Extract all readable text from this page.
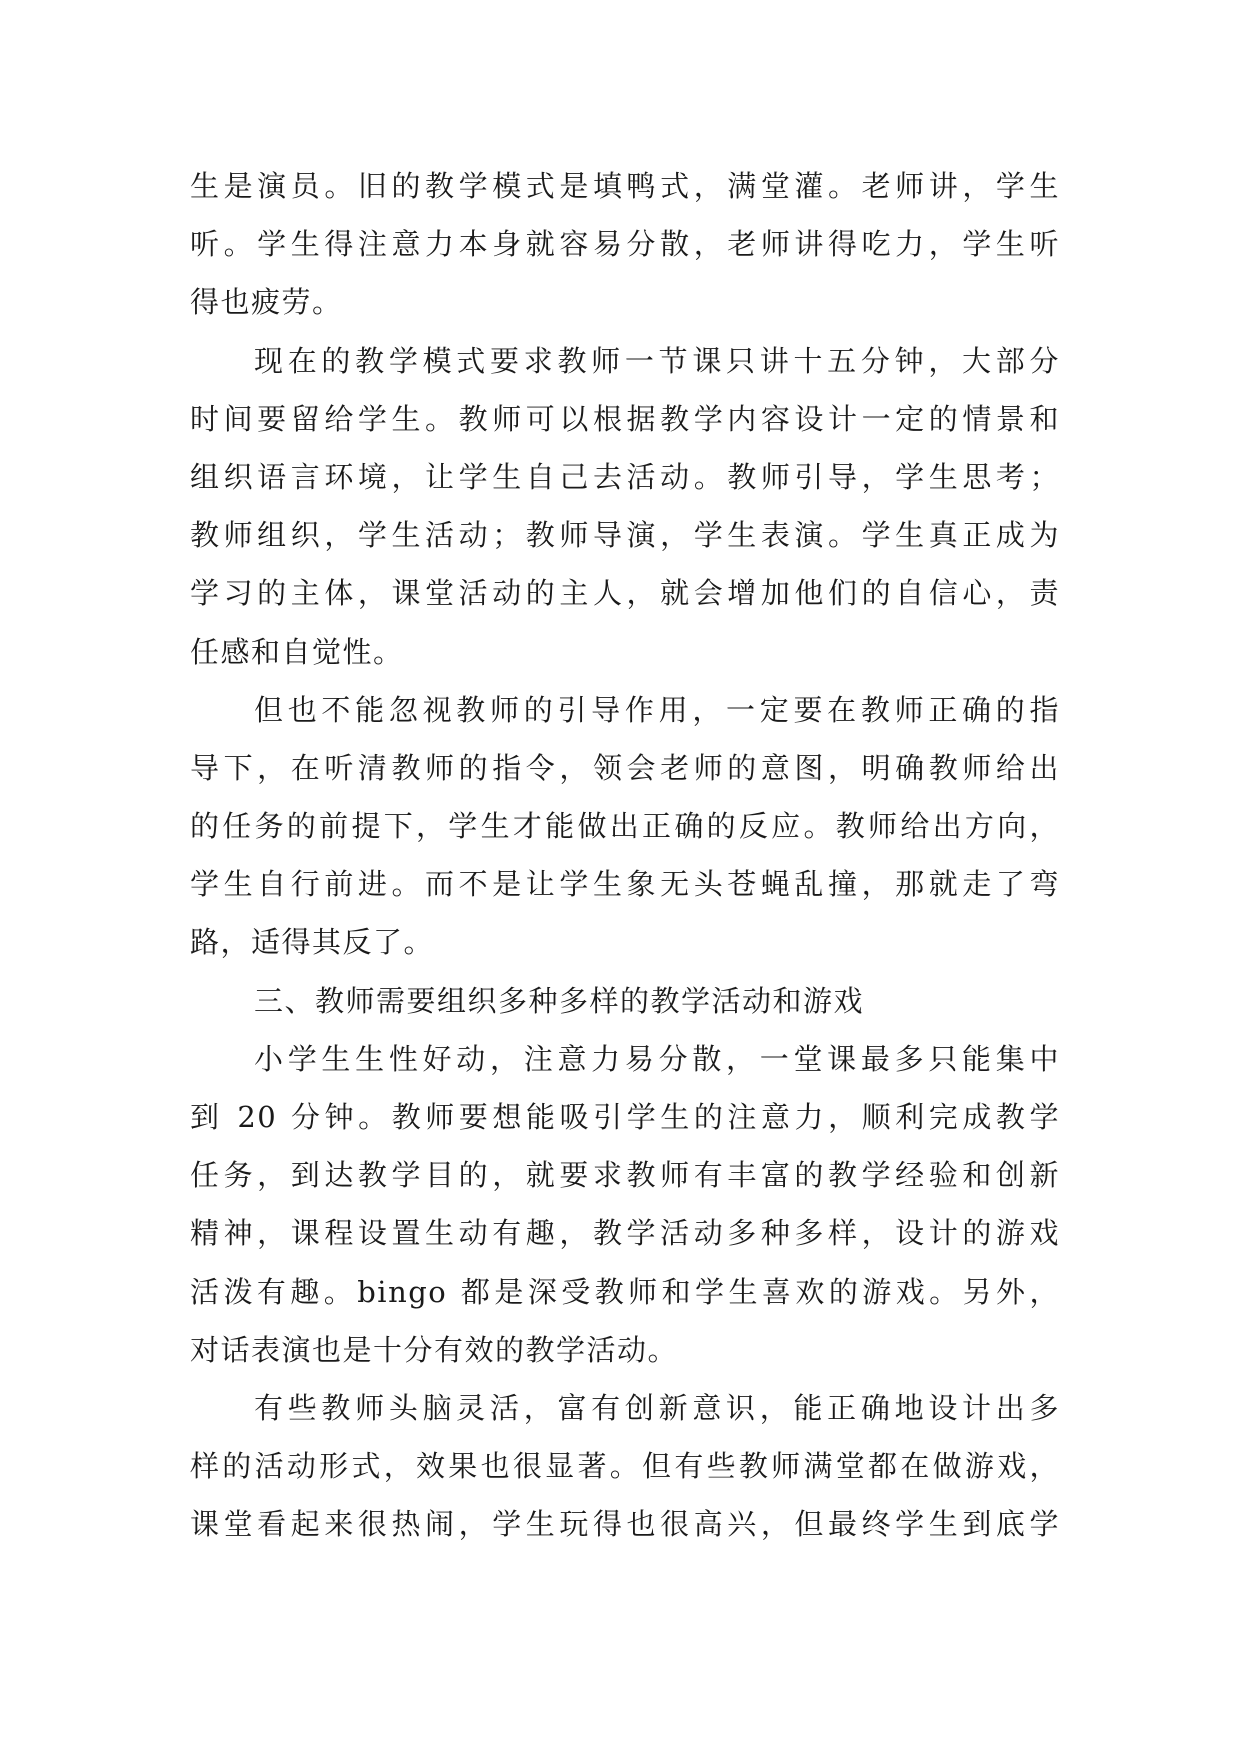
生是演员。旧的教学模式是填鸭式，满堂灌。老师讲，学生
听。学生得注意力本身就容易分散，老师讲得吃力，学生听
得也疲劳。
现在的教学模式要求教师一节课只讲十五分钟，大部分
时间要留给学生。教师可以根据教学内容设计一定的情景和
组织语言环境，让学生自己去活动。教师引导，学生思考；
教师组织，学生活动；教师导演，学生表演。学生真正成为
学习的主体，课堂活动的主人，就会增加他们的自信心，责
任感和自觉性。
但也不能忽视教师的引导作用，一定要在教师正确的指
导下，在听清教师的指令，领会老师的意图，明确教师给出
的任务的前提下，学生才能做出正确的反应。教师给出方向，
学生自行前进。而不是让学生象无头苍蝇乱撞，那就走了弯
路，适得其反了。
三、教师需要组织多种多样的教学活动和游戏
小学生生性好动，注意力易分散，一堂课最多只能集中
到 20 分钟。教师要想能吸引学生的注意力，顺利完成教学
任务，到达教学目的，就要求教师有丰富的教学经验和创新
精神，课程设置生动有趣，教学活动多种多样，设计的游戏
活泼有趣。bingo 都是深受教师和学生喜欢的游戏。另外，
对话表演也是十分有效的教学活动。
有些教师头脑灵活，富有创新意识，能正确地设计出多
样的活动形式，效果也很显著。但有些教师满堂都在做游戏，
课堂看起来很热闹，学生玩得也很高兴，但最终学生到底学
